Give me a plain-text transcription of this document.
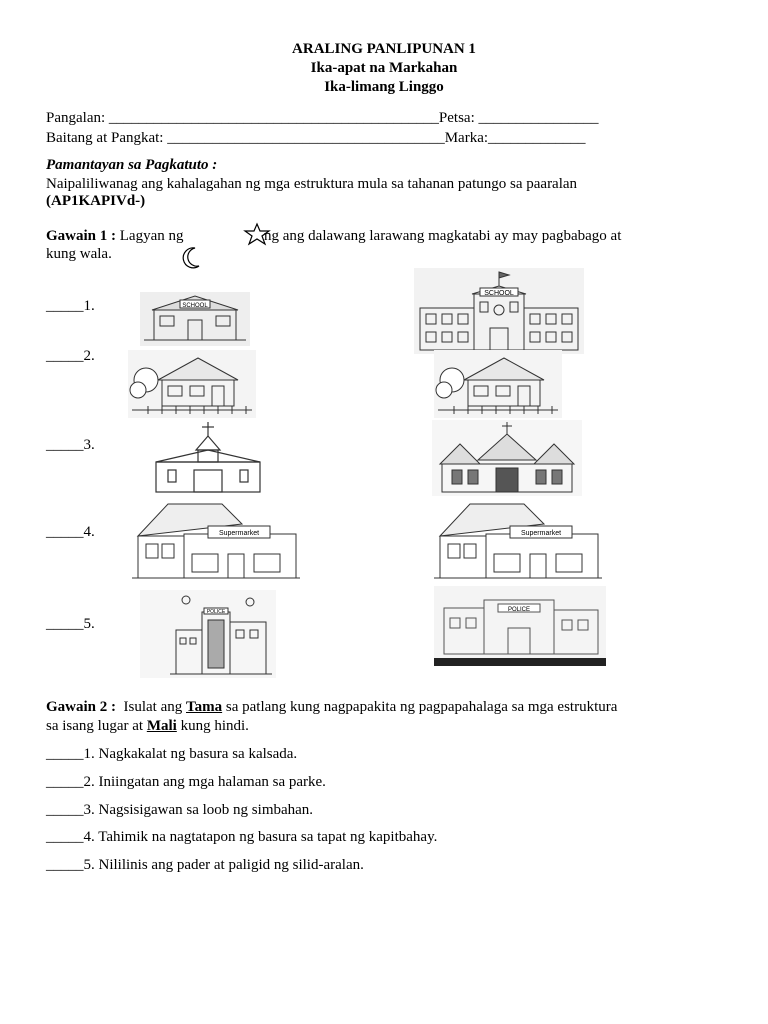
ARALING PANLIPUNAN 1
Ika-apat na Markahan
Ika-limang Linggo
Pangalan: ____________________________________________Petsa: ________________
Baitang at Pangkat: _____________________________________Marka:_____________
Pamantayan sa Pagkatuto :
Naipaliliwanag ang kahalagahan ng mga estruktura mula sa tahanan patungo sa paaralan
(AP1KAPIVd-)
Gawain 1 : Lagyan ng	ng ang dalawang larawang magkatabi ay may pagbabago at
kung wala.
_____1.
_____2.
_____3.
_____4.
_____5.
SCHOOL
SCHOOL
Supermarket	Supermarket
POLICE	POLICE
Gawain 2 : Isulat ang Tama sa patlang kung nagpapakita ng pagpapahalaga sa mga estruktura
sa isang lugar at Mali kung hindi.
_____1. Nagkakalat ng basura sa kalsada.
_____2. Iniingatan ang mga halaman sa parke.
_____3. Nagsisigawan sa loob ng simbahan.
_____4. Tahimik na nagtatapon ng basura sa tapat ng kapitbahay.
_____5. Nililinis ang pader at paligid ng silid-aralan.
